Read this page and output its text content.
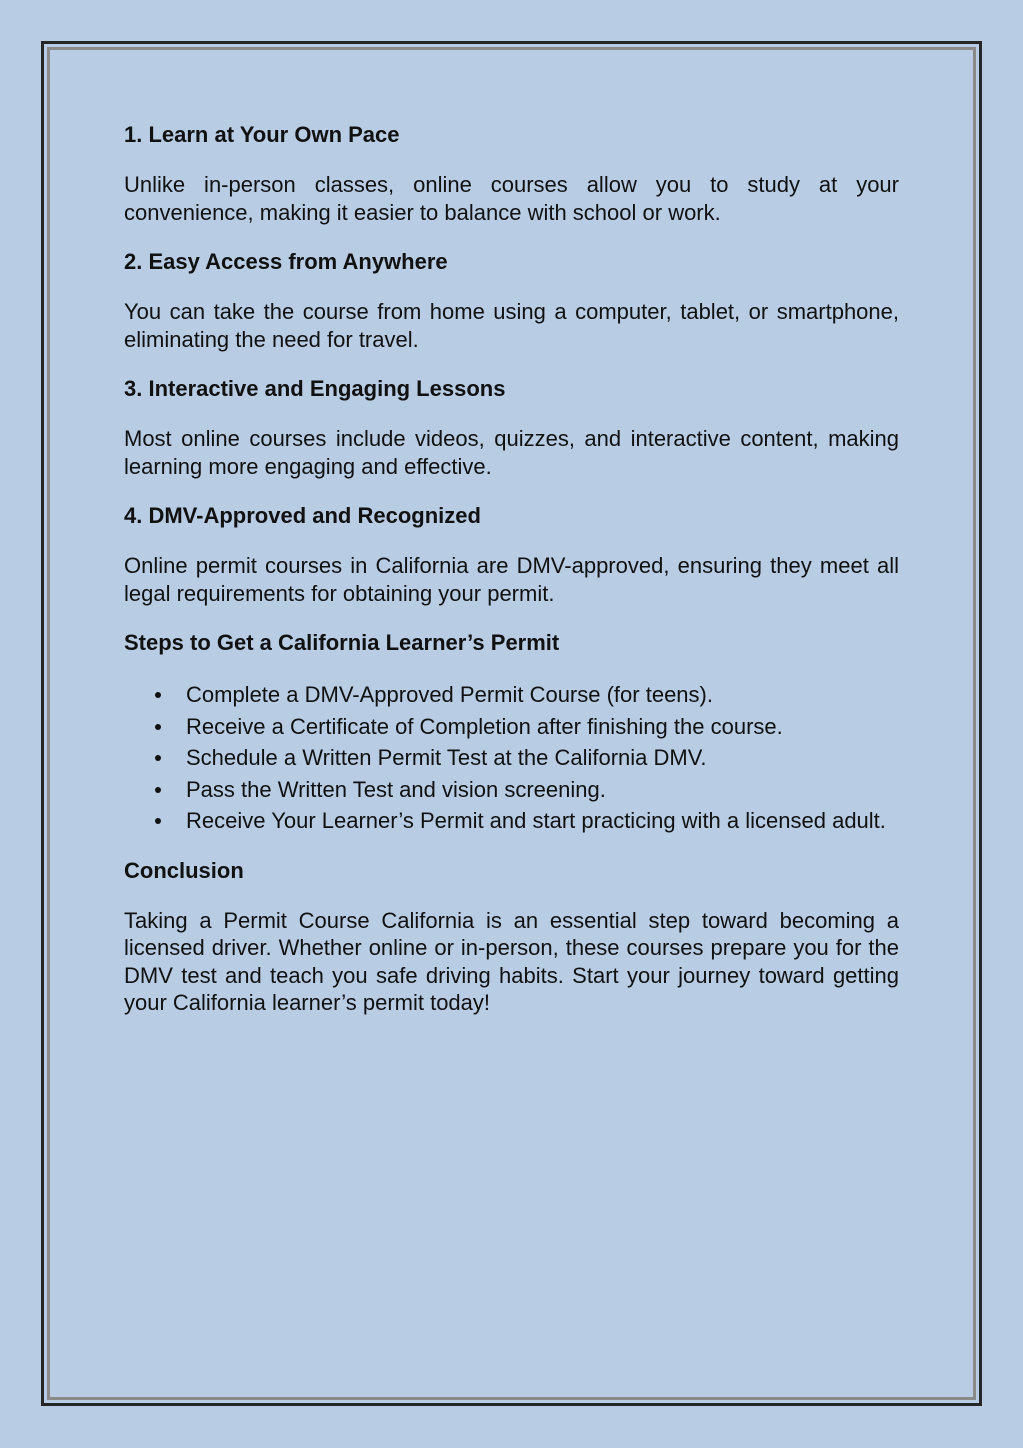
1. Learn at Your Own Pace

Unlike in-person classes, online courses allow you to study at your convenience, making it easier to balance with school or work.

2. Easy Access from Anywhere

You can take the course from home using a computer, tablet, or smartphone, eliminating the need for travel.

3. Interactive and Engaging Lessons

Most online courses include videos, quizzes, and interactive content, making learning more engaging and effective.

4. DMV-Approved and Recognized

Online permit courses in California are DMV-approved, ensuring they meet all legal requirements for obtaining your permit.

Steps to Get a California Learner’s Permit
Complete a DMV-Approved Permit Course (for teens).
Receive a Certificate of Completion after finishing the course.
Schedule a Written Permit Test at the California DMV.
Pass the Written Test and vision screening.
Receive Your Learner’s Permit and start practicing with a licensed adult.
Conclusion

Taking a Permit Course California is an essential step toward becoming a licensed driver. Whether online or in-person, these courses prepare you for the DMV test and teach you safe driving habits. Start your journey toward getting your California learner’s permit today!
